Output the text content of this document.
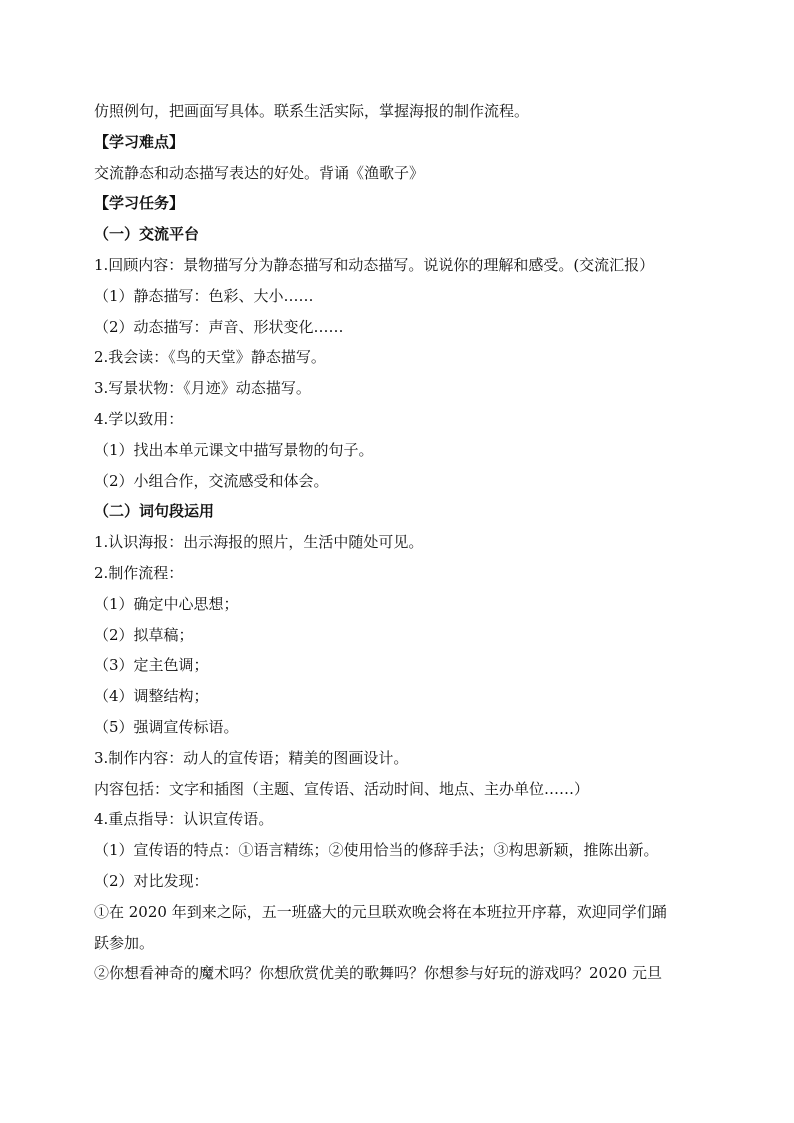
仿照例句，把画面写具体。联系生活实际，掌握海报的制作流程。
【学习难点】
交流静态和动态描写表达的好处。背诵《渔歌子》
【学习任务】
（一）交流平台
1.回顾内容：景物描写分为静态描写和动态描写。说说你的理解和感受。(交流汇报）
（1）静态描写：色彩、大小……
（2）动态描写：声音、形状变化……
2.我会读：《鸟的天堂》静态描写。
3.写景状物：《月迹》动态描写。
4.学以致用：
（1）找出本单元课文中描写景物的句子。
（2）小组合作，交流感受和体会。
（二）词句段运用
1.认识海报：出示海报的照片，生活中随处可见。
2.制作流程：
（1）确定中心思想；
（2）拟草稿；
（3）定主色调；
（4）调整结构；
（5）强调宣传标语。
3.制作内容：动人的宣传语；精美的图画设计。
内容包括：文字和插图（主题、宣传语、活动时间、地点、主办单位……）
4.重点指导：认识宣传语。
（1）宣传语的特点：①语言精练；②使用恰当的修辞手法；③构思新颖，推陈出新。
（2）对比发现：
①在 2020 年到来之际，五一班盛大的元旦联欢晚会将在本班拉开序幕，欢迎同学们踊
跃参加。
②你想看神奇的魔术吗？你想欣赏优美的歌舞吗？你想参与好玩的游戏吗？2020 元旦
